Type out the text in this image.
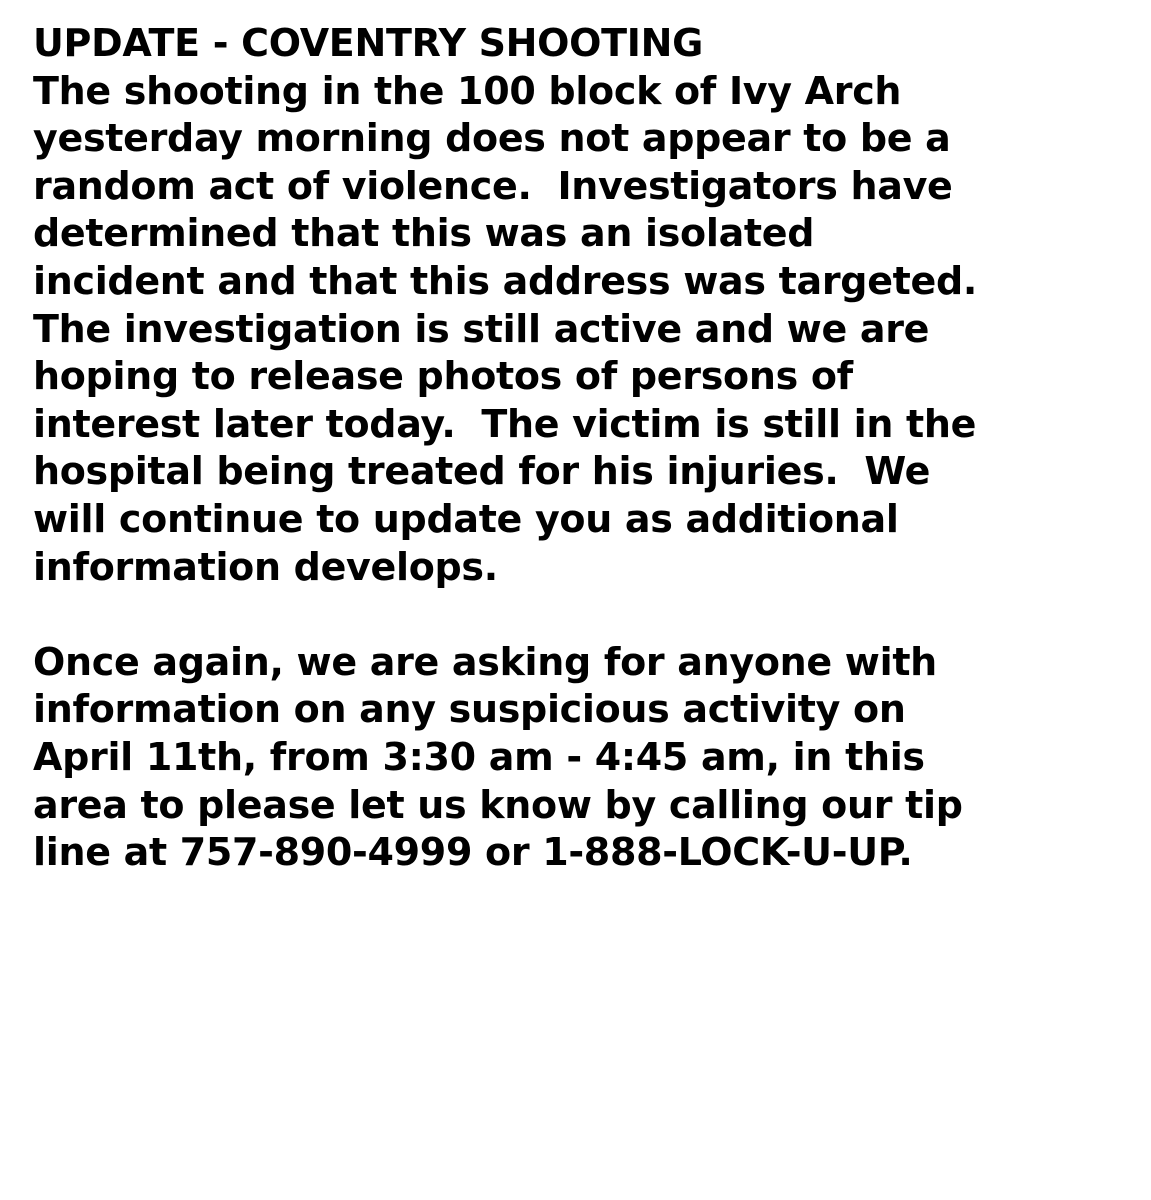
UPDATE - COVENTRY SHOOTING
The shooting in the 100 block of Ivy Arch
yesterday morning does not appear to be a
random act of violence.  Investigators have
determined that this was an isolated
incident and that this address was targeted.
The investigation is still active and we are
hoping to release photos of persons of
interest later today.  The victim is still in the
hospital being treated for his injuries.  We
will continue to update you as additional
information develops.
Once again, we are asking for anyone with
information on any suspicious activity on
April 11th, from 3:30 am - 4:45 am, in this
area to please let us know by calling our tip
line at 757-890-4999 or 1-888-LOCK-U-UP.
